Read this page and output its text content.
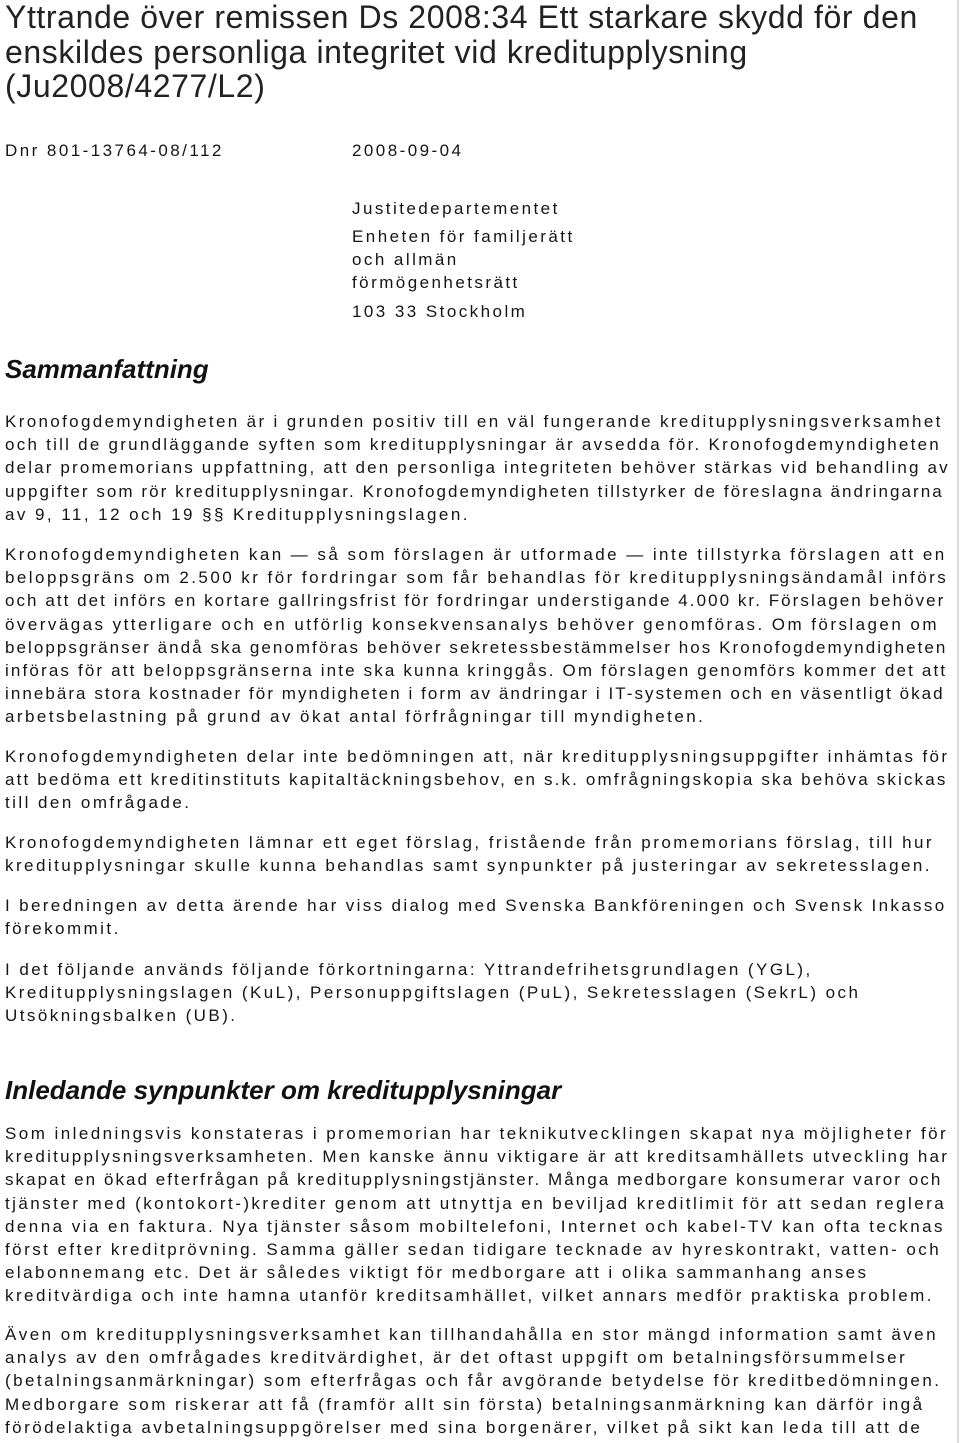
Yttrande över remissen Ds 2008:34 Ett starkare skydd för den
enskildes personliga integritet vid kreditupplysning
(Ju2008/4277/L2)
Dnr 801-13764-08/112	2008-09-04
Justitedepartementet
Enheten för familjerätt
och allmän
förmögenhetsrätt
103 33 Stockholm
Sammanfattning
Kronofogdemyndigheten är i grunden positiv till en väl fungerande kreditupplysningsverksamhet
och till de grundläggande syften som kreditupplysningar är avsedda för. Kronofogdemyndigheten
delar promemorians uppfattning, att den personliga integriteten behöver stärkas vid behandling av
uppgifter som rör kreditupplysningar. Kronofogdemyndigheten tillstyrker de föreslagna ändringarna
av 9, 11, 12 och 19 §§ Kreditupplysningslagen.
Kronofogdemyndigheten kan — så som förslagen är utformade — inte tillstyrka förslagen att en
beloppsgräns om 2.500 kr för fordringar som får behandlas för kreditupplysningsändamål införs
och att det införs en kortare gallringsfrist för fordringar understigande 4.000 kr. Förslagen behöver
övervägas ytterligare och en utförlig konsekvensanalys behöver genomföras. Om förslagen om
beloppsgränser ändå ska genomföras behöver sekretessbestämmelser hos Kronofogdemyndigheten
införas för att beloppsgränserna inte ska kunna kringgås. Om förslagen genomförs kommer det att
innebära stora kostnader för myndigheten i form av ändringar i IT-systemen och en väsentligt ökad
arbetsbelastning på grund av ökat antal förfrågningar till myndigheten.
Kronofogdemyndigheten delar inte bedömningen att, när kreditupplysningsuppgifter inhämtas för
att bedöma ett kreditinstituts kapitaltäckningsbehov, en s.k. omfrågningskopia ska behöva skickas
till den omfrågade.
Kronofogdemyndigheten lämnar ett eget förslag, fristående från promemorians förslag, till hur
kreditupplysningar skulle kunna behandlas samt synpunkter på justeringar av sekretesslagen.
I beredningen av detta ärende har viss dialog med Svenska Bankföreningen och Svensk Inkasso
förekommit.
I det följande används följande förkortningarna: Yttrandefrihetsgrundlagen (YGL),
Kreditupplysningslagen (KuL), Personuppgiftslagen (PuL), Sekretesslagen (SekrL) och
Utsökningsbalken (UB).
Inledande synpunkter om kreditupplysningar
Som inledningsvis konstateras i promemorian har teknikutvecklingen skapat nya möjligheter för
kreditupplysningsverksamheten. Men kanske ännu viktigare är att kreditsamhällets utveckling har
skapat en ökad efterfrågan på kreditupplysningstjänster. Många medborgare konsumerar varor och
tjänster med (kontokort-)krediter genom att utnyttja en beviljad kreditlimit för att sedan reglera
denna via en faktura. Nya tjänster såsom mobiltelefoni, Internet och kabel-TV kan ofta tecknas
först efter kreditprövning. Samma gäller sedan tidigare tecknade av hyreskontrakt, vatten- och
elabonnemang etc. Det är således viktigt för medborgare att i olika sammanhang anses
kreditvärdiga och inte hamna utanför kreditsamhället, vilket annars medför praktiska problem.
Även om kreditupplysningsverksamhet kan tillhandahålla en stor mängd information samt även
analys av den omfrågades kreditvärdighet, är det oftast uppgift om betalningsförsummelser
(betalningsanmärkningar) som efterfrågas och får avgörande betydelse för kreditbedömningen.
Medborgare som riskerar att få (framför allt sin första) betalningsanmärkning kan därför ingå
förödelaktiga avbetalningsuppgörelser med sina borgenärer, vilket på sikt kan leda till att de
